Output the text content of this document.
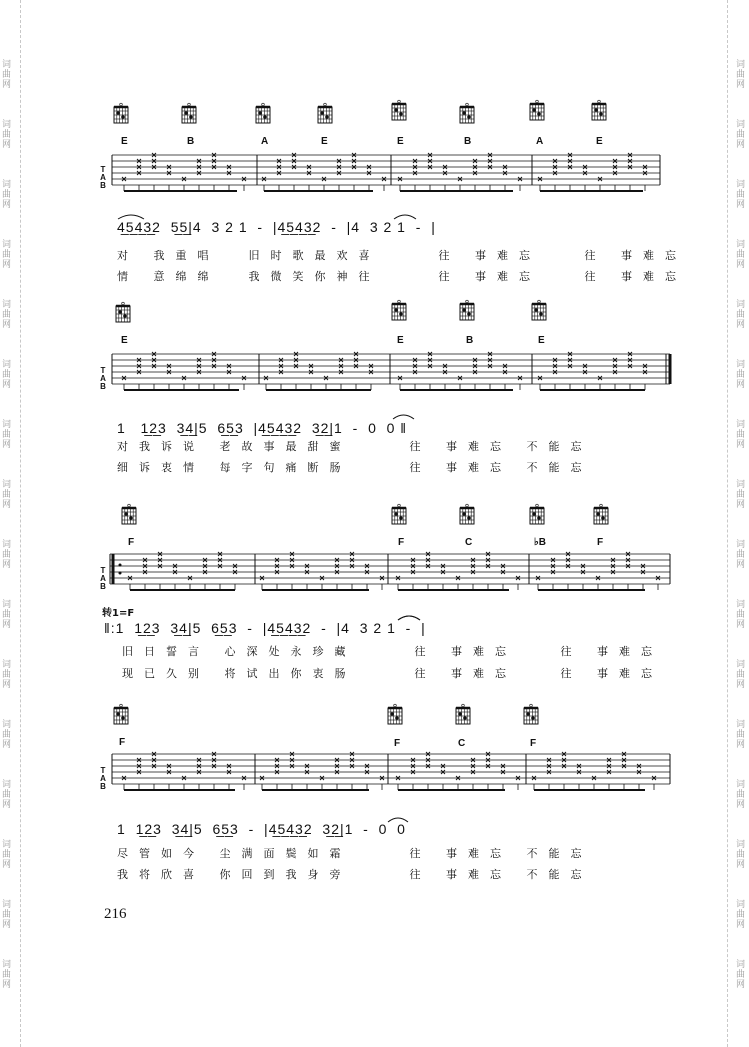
词
曲
网
词
曲
网
词
曲
网
词
曲
网
词
曲
网
词
曲
网
词
曲
网
词
曲
网
词
曲
网
词
曲
网
词
曲
网
词
曲
网
词
曲
网
词
曲
网
词
曲
网
词
曲
网
词
曲
网
词
曲
网
词
曲
网
词
曲
网
词
曲
网
词
曲
网
词
曲
网
词
曲
网
词
曲
网
词
曲
网
词
曲
网
词
曲
网
词
曲
网
词
曲
网
词
曲
网
词
曲
网
E	B	A	E	E	B	A	E
T
A
B
4̲5̲4̲3̲2  5̲5̲|4  3 2 1  -  |4̲5̲4̲3̲2  -  |4  3 2 1  -  |
对 我重唱  旧时歌最欢喜    往 事难忘   往 事难忘
情 意绵绵  我微笑你神往    往 事难忘   往 事难忘
E	E	B	E
T
A
B
1   1̲2̲3  3̲4̲|5  6̲5̲3  |4̲5̲4̲3̲2  3̲2̲|1  -  0  0 ‖
对我诉说 老故事最甜蜜    往 事难忘 不能忘
细诉衷情 每字句痛断肠    往 事难忘 不能忘
F	F	C	♭B	F
T
A
B
转1=F
‖:1  1̲2̲3  3̲4̲|5  6̲5̲3  -  |4̲5̲4̲3̲2  -  |4  3 2 1  -  |
旧日誓言 心深处永珍藏    往 事难忘   往 事难忘
现已久别 将试出你衷肠    往 事难忘   往 事难忘
F	F	C	F
T
A
B
1  1̲2̲3  3̲4̲|5  6̲5̲3  -  |4̲5̲4̲3̲2  3̲2̲|1  -  0  0
尽管如今 尘满面鬓如霜    往 事难忘 不能忘
我将欣喜 你回到我身旁    往 事难忘 不能忘
216
